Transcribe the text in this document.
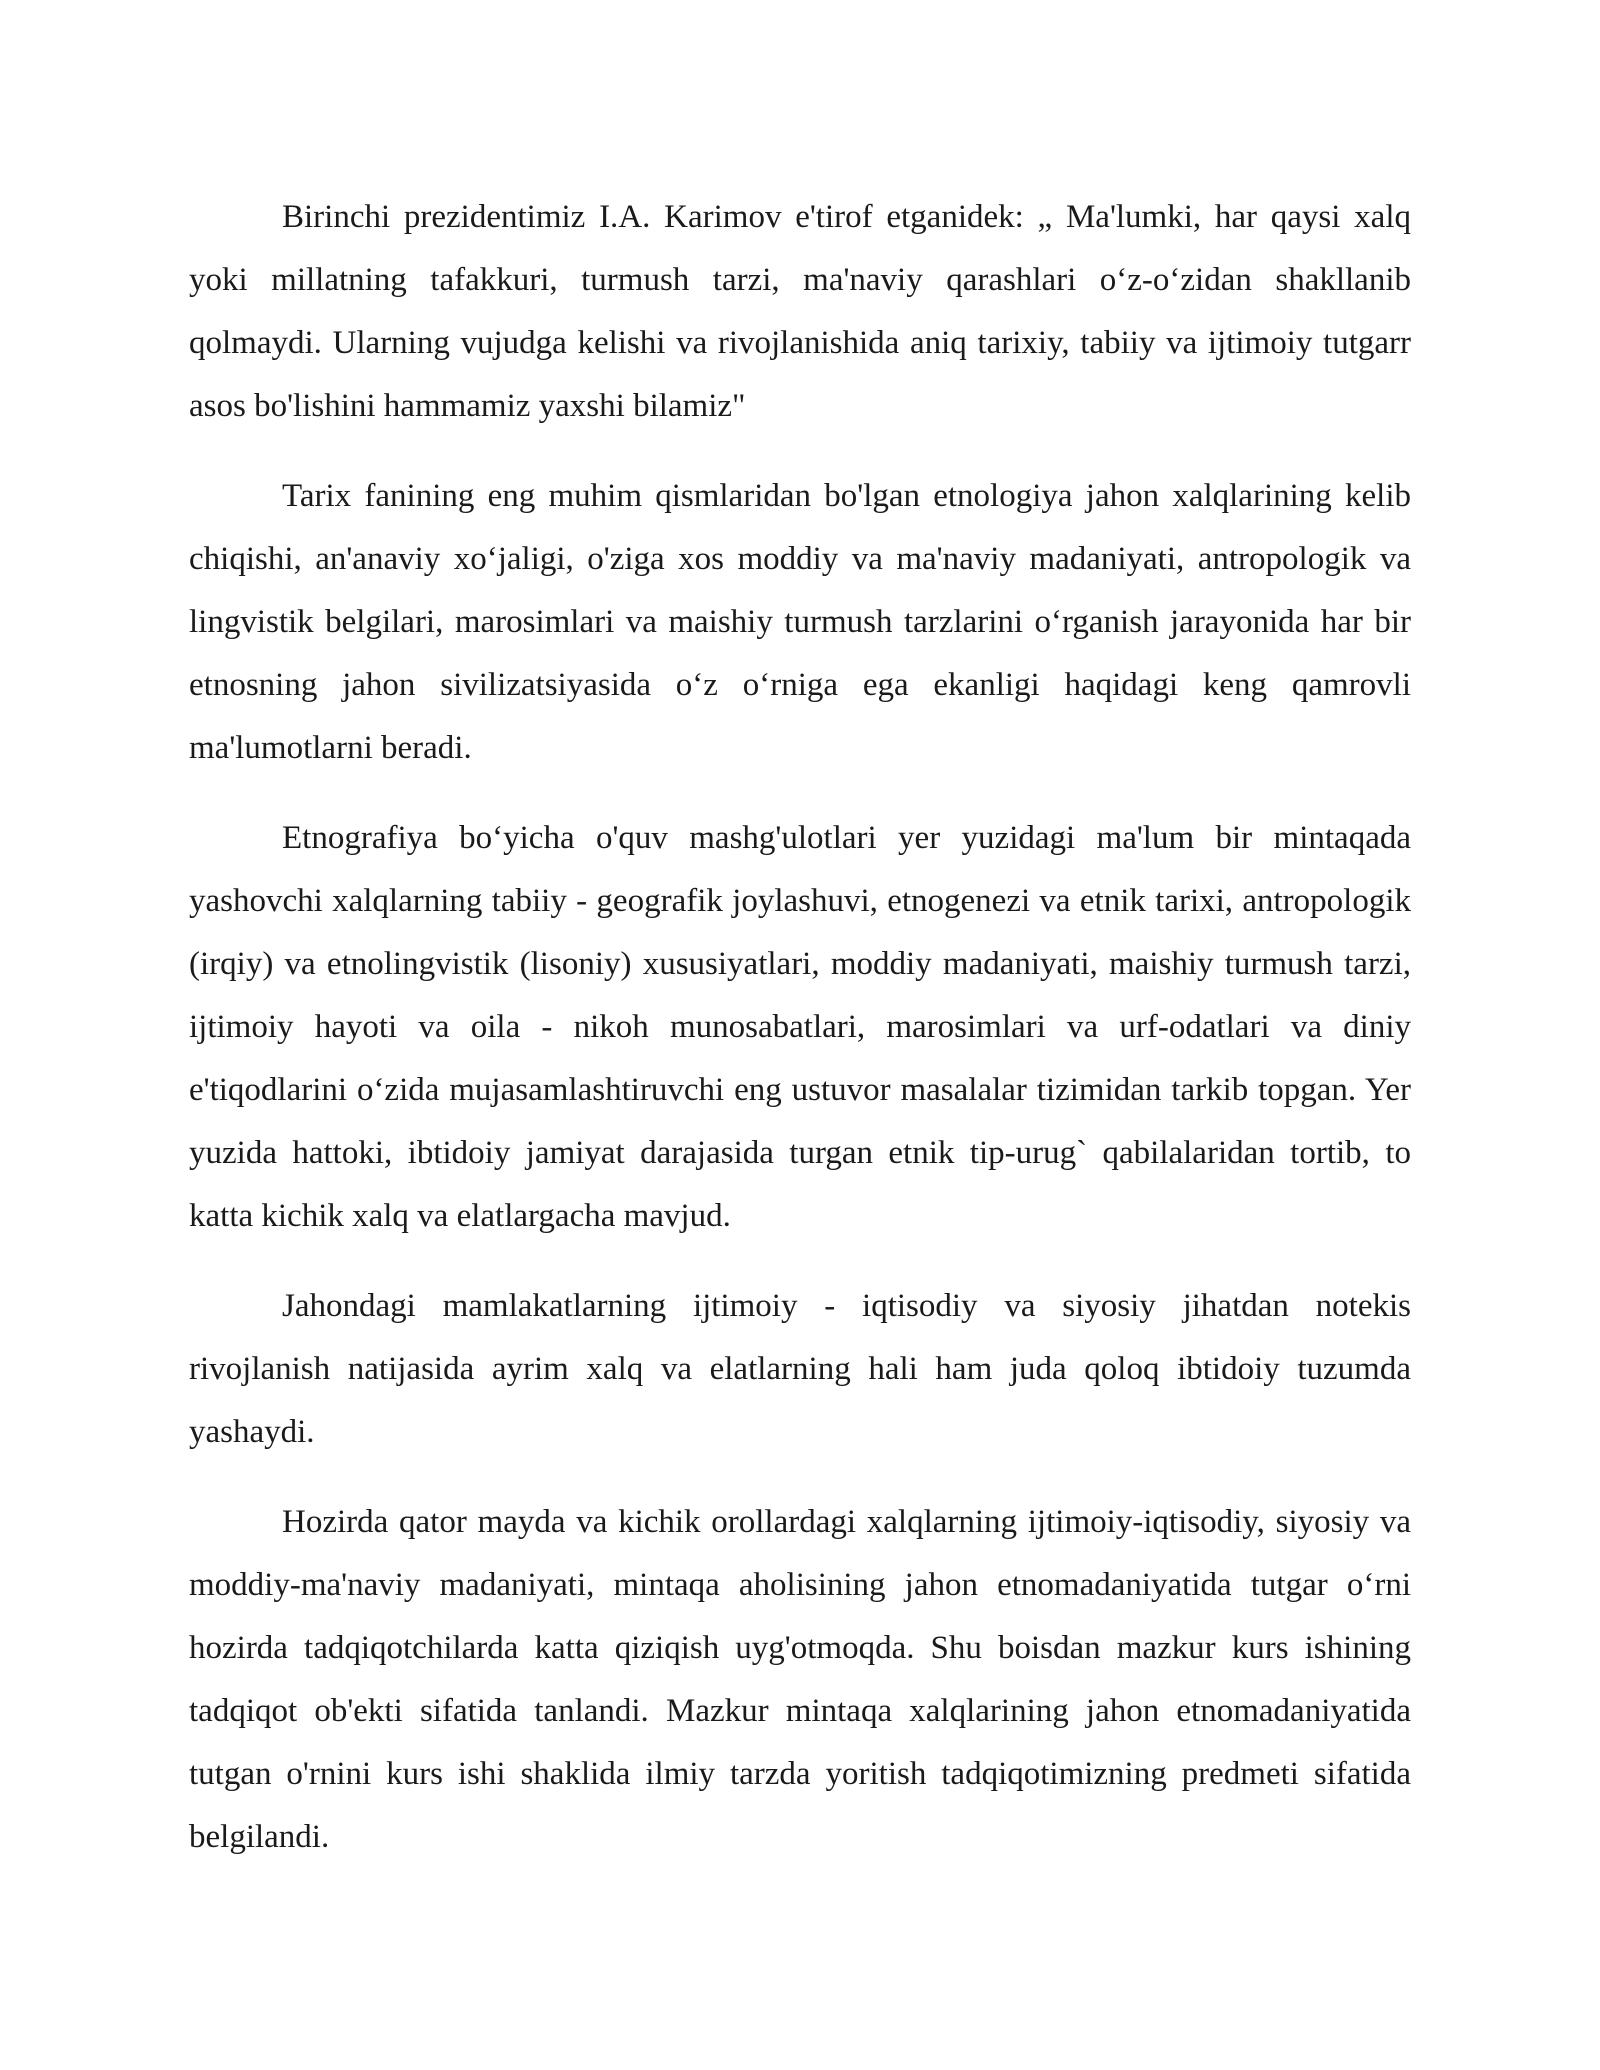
Birinchi prezidentimiz I.A. Karimov e'tirof etganidek: „ Ma'lumki, har qaysi xalq yoki millatning tafakkuri, turmush tarzi, ma'naviy qarashlari o‘z-o‘zidan shakllanib qolmaydi. Ularning vujudga kelishi va rivojlanishida aniq tarixiy, tabiiy va ijtimoiy tutgarr asos bo'lishini hammamiz yaxshi bilamiz"

Tarix fanining eng muhim qismlaridan bo'lgan etnologiya jahon xalqlarining kelib chiqishi, an'anaviy xo‘jaligi, o'ziga xos moddiy va ma'naviy madaniyati, antropologik va lingvistik belgilari, marosimlari va maishiy turmush tarzlarini o‘rganish jarayonida har bir etnosning jahon sivilizatsiyasida o‘z o‘rniga ega ekanligi haqidagi keng qamrovli ma'lumotlarni beradi.

Etnografiya bo‘yicha o'quv mashg'ulotlari yer yuzidagi ma'lum bir mintaqada yashovchi xalqlarning tabiiy - geografik joylashuvi, etnogenezi va etnik tarixi, antropologik (irqiy) va etnolingvistik (lisoniy) xususiyatlari, moddiy madaniyati, maishiy turmush tarzi, ijtimoiy hayoti va oila - nikoh munosabatlari, marosimlari va urf-odatlari va diniy e'tiqodlarini o‘zida mujasamlashtiruvchi eng ustuvor masalalar tizimidan tarkib topgan. Yer yuzida hattoki, ibtidoiy jamiyat darajasida turgan etnik tip-urug` qabilalaridan tortib, to katta kichik xalq va elatlargacha mavjud.

Jahondagi mamlakatlarning ijtimoiy - iqtisodiy va siyosiy jihatdan notekis rivojlanish natijasida ayrim xalq va elatlarning hali ham juda qoloq ibtidoiy tuzumda yashaydi.

Hozirda qator mayda va kichik orollardagi xalqlarning ijtimoiy-iqtisodiy, siyosiy va moddiy-ma'naviy madaniyati, mintaqa aholisining jahon etnomadaniyatida tutgar o‘rni hozirda tadqiqotchilarda katta qiziqish uyg'otmoqda. Shu boisdan mazkur kurs ishining tadqiqot ob'ekti sifatida tanlandi. Mazkur mintaqa xalqlarining jahon etnomadaniyatida tutgan o'rnini kurs ishi shaklida ilmiy tarzda yoritish tadqiqotimizning predmeti sifatida belgilandi.
